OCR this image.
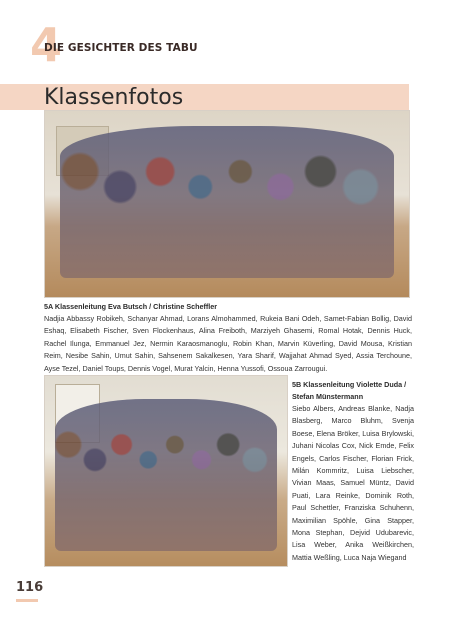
4
DIE GESICHTER DES TABU
Klassenfotos
5A Klassenleitung Eva Butsch / Christine Scheffler

Nadjia Abbassy Robikeh, Schanyar Ahmad, Lorans Almohammed, Rukeia Bani Odeh, Samet-Fabian Bollig, David Eshaq, Elisabeth Fischer, Sven Flockenhaus, Alina Freiboth, Marziyeh Ghasemi, Romal Hotak, Dennis Huck, Rachel Ilunga, Emmanuel Jez, Nermin Karaosmanoglu, Robin Khan, Marvin Küverling, David Mousa, Kristian Reim, Nesibe Sahin, Umut Sahin, Sahsenem Sakalkesen, Yara Sharif, Wajjahat Ahmad Syed, Assia Terchoune, Ayse Tezel, Daniel Toups, Dennis Vogel, Murat Yalcin, Henna Yussofi, Ossoua Zarrougui.

5B Klassenleitung Violette Duda / Stefan Münstermann

Siebo Albers, Andreas Blanke, Nadja Blasberg, Marco Bluhm, Svenja Boese, Elena Bröker, Luisa Brylowski, Juhani Nicolas Cox, Nick Emde, Felix Engels, Carlos Fischer, Florian Frick, Milán Kommritz, Luisa Liebscher, Vivian Maas, Samuel Müntz, David Puati, Lara Reinke, Dominik Roth, Paul Schettler, Franziska Schuhenn, Maximilian Spöhle, Gina Stapper, Mona Stephan, Dejvid Udubarevic, Lisa Weber, Anika Weißkirchen, Mattia Weßling, Luca Naja Wiegand

116
